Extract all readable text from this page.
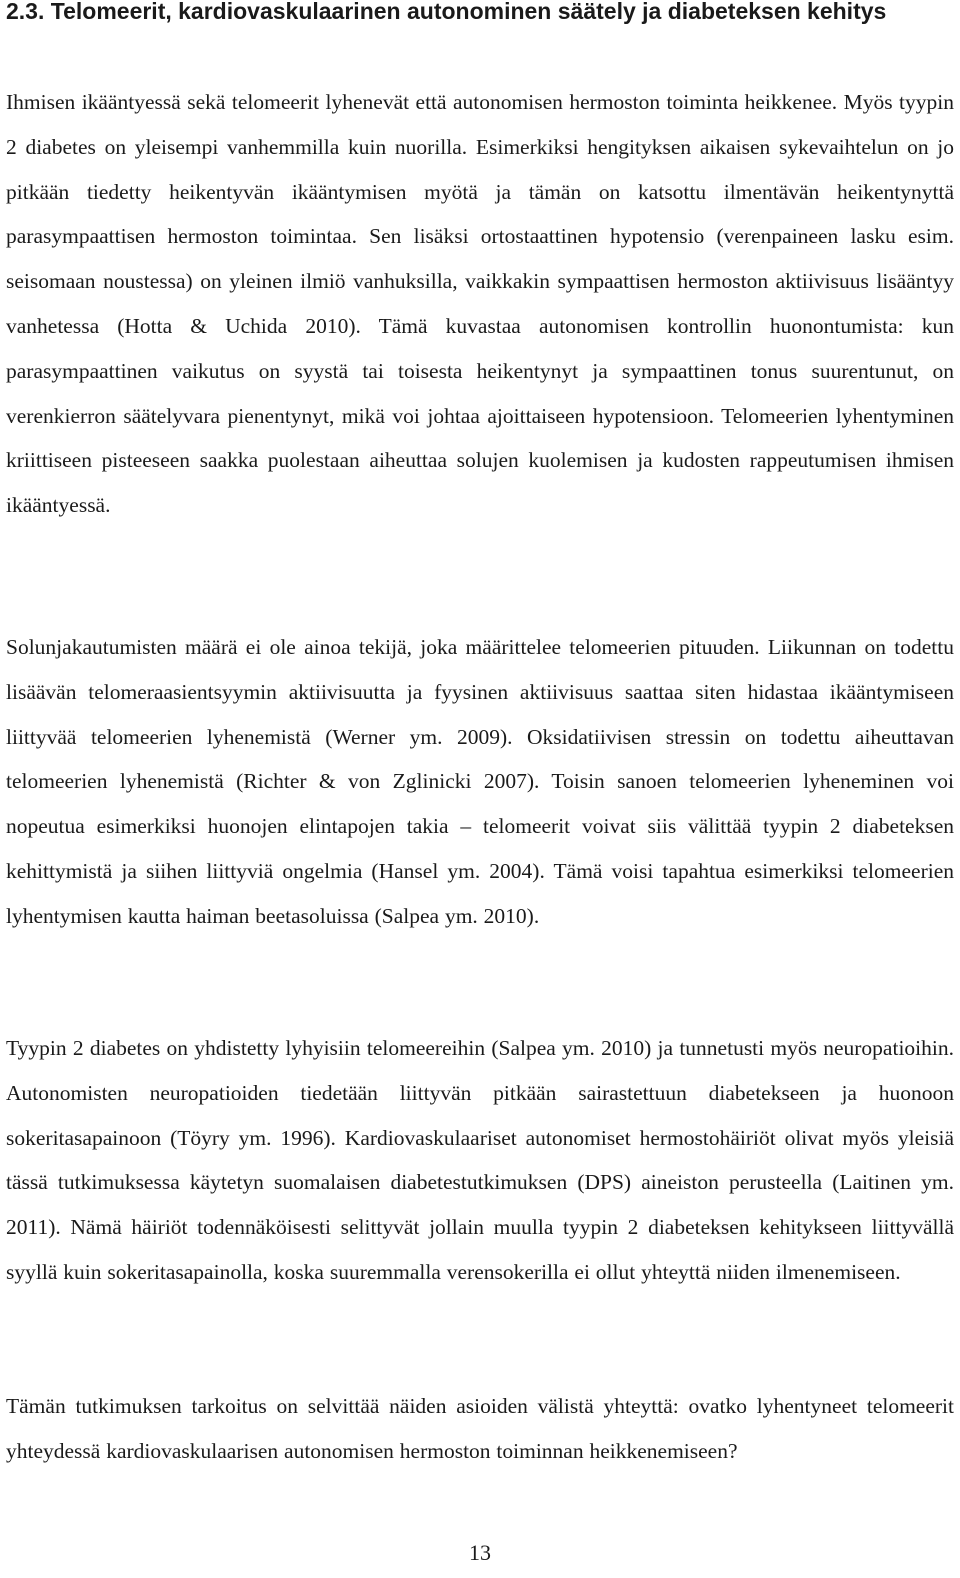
2.3. Telomeerit, kardiovaskulaarinen autonominen säätely ja diabeteksen kehitys

Ihmisen ikääntyessä sekä telomeerit lyhenevät että autonomisen hermoston toiminta heikkenee. Myös tyypin 2 diabetes on yleisempi vanhemmilla kuin nuorilla. Esimerkiksi hengityksen aikaisen sykevaihtelun on jo pitkään tiedetty heikentyvän ikääntymisen myötä ja tämän on katsottu ilmentävän heikentynyttä parasympaattisen hermoston toimintaa. Sen lisäksi ortostaattinen hypotensio (verenpaineen lasku esim. seisomaan noustessa) on yleinen ilmiö vanhuksilla, vaikkakin sympaattisen hermoston aktiivisuus lisääntyy vanhetessa (Hotta & Uchida 2010). Tämä kuvastaa autonomisen kontrollin huonontumista: kun parasympaattinen vaikutus on syystä tai toisesta heikentynyt ja sympaattinen tonus suurentunut, on verenkierron säätelyvara pienentynyt, mikä voi johtaa ajoittaiseen hypotensioon. Telomeerien lyhentyminen kriittiseen pisteeseen saakka puolestaan aiheuttaa solujen kuolemisen ja kudosten rappeutumisen ihmisen ikääntyessä.

Solunjakautumisten määrä ei ole ainoa tekijä, joka määrittelee telomeerien pituuden. Liikunnan on todettu lisäävän telomeraasientsyymin aktiivisuutta ja fyysinen aktiivisuus saattaa siten hidastaa ikääntymiseen liittyvää telomeerien lyhenemistä (Werner ym. 2009). Oksidatiivisen stressin on todettu aiheuttavan telomeerien lyhenemistä (Richter & von Zglinicki 2007). Toisin sanoen telomeerien lyheneminen voi nopeutua esimerkiksi huonojen elintapojen takia – telomeerit voivat siis välittää tyypin 2 diabeteksen kehittymistä ja siihen liittyviä ongelmia (Hansel ym. 2004). Tämä voisi tapahtua esimerkiksi telomeerien lyhentymisen kautta haiman beetasoluissa (Salpea ym. 2010).

Tyypin 2 diabetes on yhdistetty lyhyisiin telomeereihin (Salpea ym. 2010) ja tunnetusti myös neuropatioihin. Autonomisten neuropatioiden tiedetään liittyvän pitkään sairastettuun diabetekseen ja huonoon sokeritasapainoon (Töyry ym. 1996). Kardiovaskulaariset autonomiset hermostohäiriöt olivat myös yleisiä tässä tutkimuksessa käytetyn suomalaisen diabetestutkimuksen (DPS) aineiston perusteella (Laitinen ym. 2011). Nämä häiriöt todennäköisesti selittyvät jollain muulla tyypin 2 diabeteksen kehitykseen liittyvällä syyllä kuin sokeritasapainolla, koska suuremmalla verensokerilla ei ollut yhteyttä niiden ilmenemiseen.

Tämän tutkimuksen tarkoitus on selvittää näiden asioiden välistä yhteyttä: ovatko lyhentyneet telomeerit yhteydessä kardiovaskulaarisen autonomisen hermoston toiminnan heikkenemiseen?

13
